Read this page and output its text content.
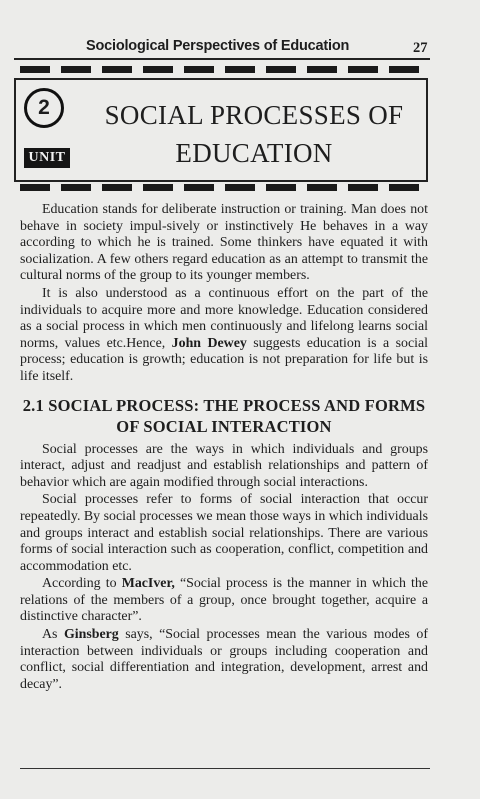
Sociological Perspectives of Education	27
2
UNIT
SOCIAL PROCESSES OF
EDUCATION

Education stands for deliberate instruction or training. Man does not behave in society impul-sively or instinctively He behaves in a way according to which he is trained. Some thinkers have equated it with socialization. A few others regard education as an attempt to transmit the cultural norms of the group to its younger members.

It is also understood as a continuous effort on the part of the individuals to acquire more and more knowledge. Education considered as a social process in which men continuously and lifelong learns social norms, values etc.Hence, John Dewey suggests education is a social process; education is growth; education is not preparation for life but is life itself.

2.1 SOCIAL PROCESS: THE PROCESS AND FORMS OF SOCIAL INTERACTION

Social processes are the ways in which individuals and groups interact, adjust and readjust and establish relationships and pattern of behavior which are again modified through social interactions.

Social processes refer to forms of social interaction that occur repeatedly. By social processes we mean those ways in which individuals and groups interact and establish social relationships. There are various forms of social interaction such as cooperation, conflict, competition and accommodation etc.

According to MacIver, “Social process is the manner in which the relations of the members of a group, once brought together, acquire a distinctive character”.

As Ginsberg says, “Social processes mean the various modes of interaction between individuals or groups including cooperation and conflict, social differentiation and integration, development, arrest and decay”.
